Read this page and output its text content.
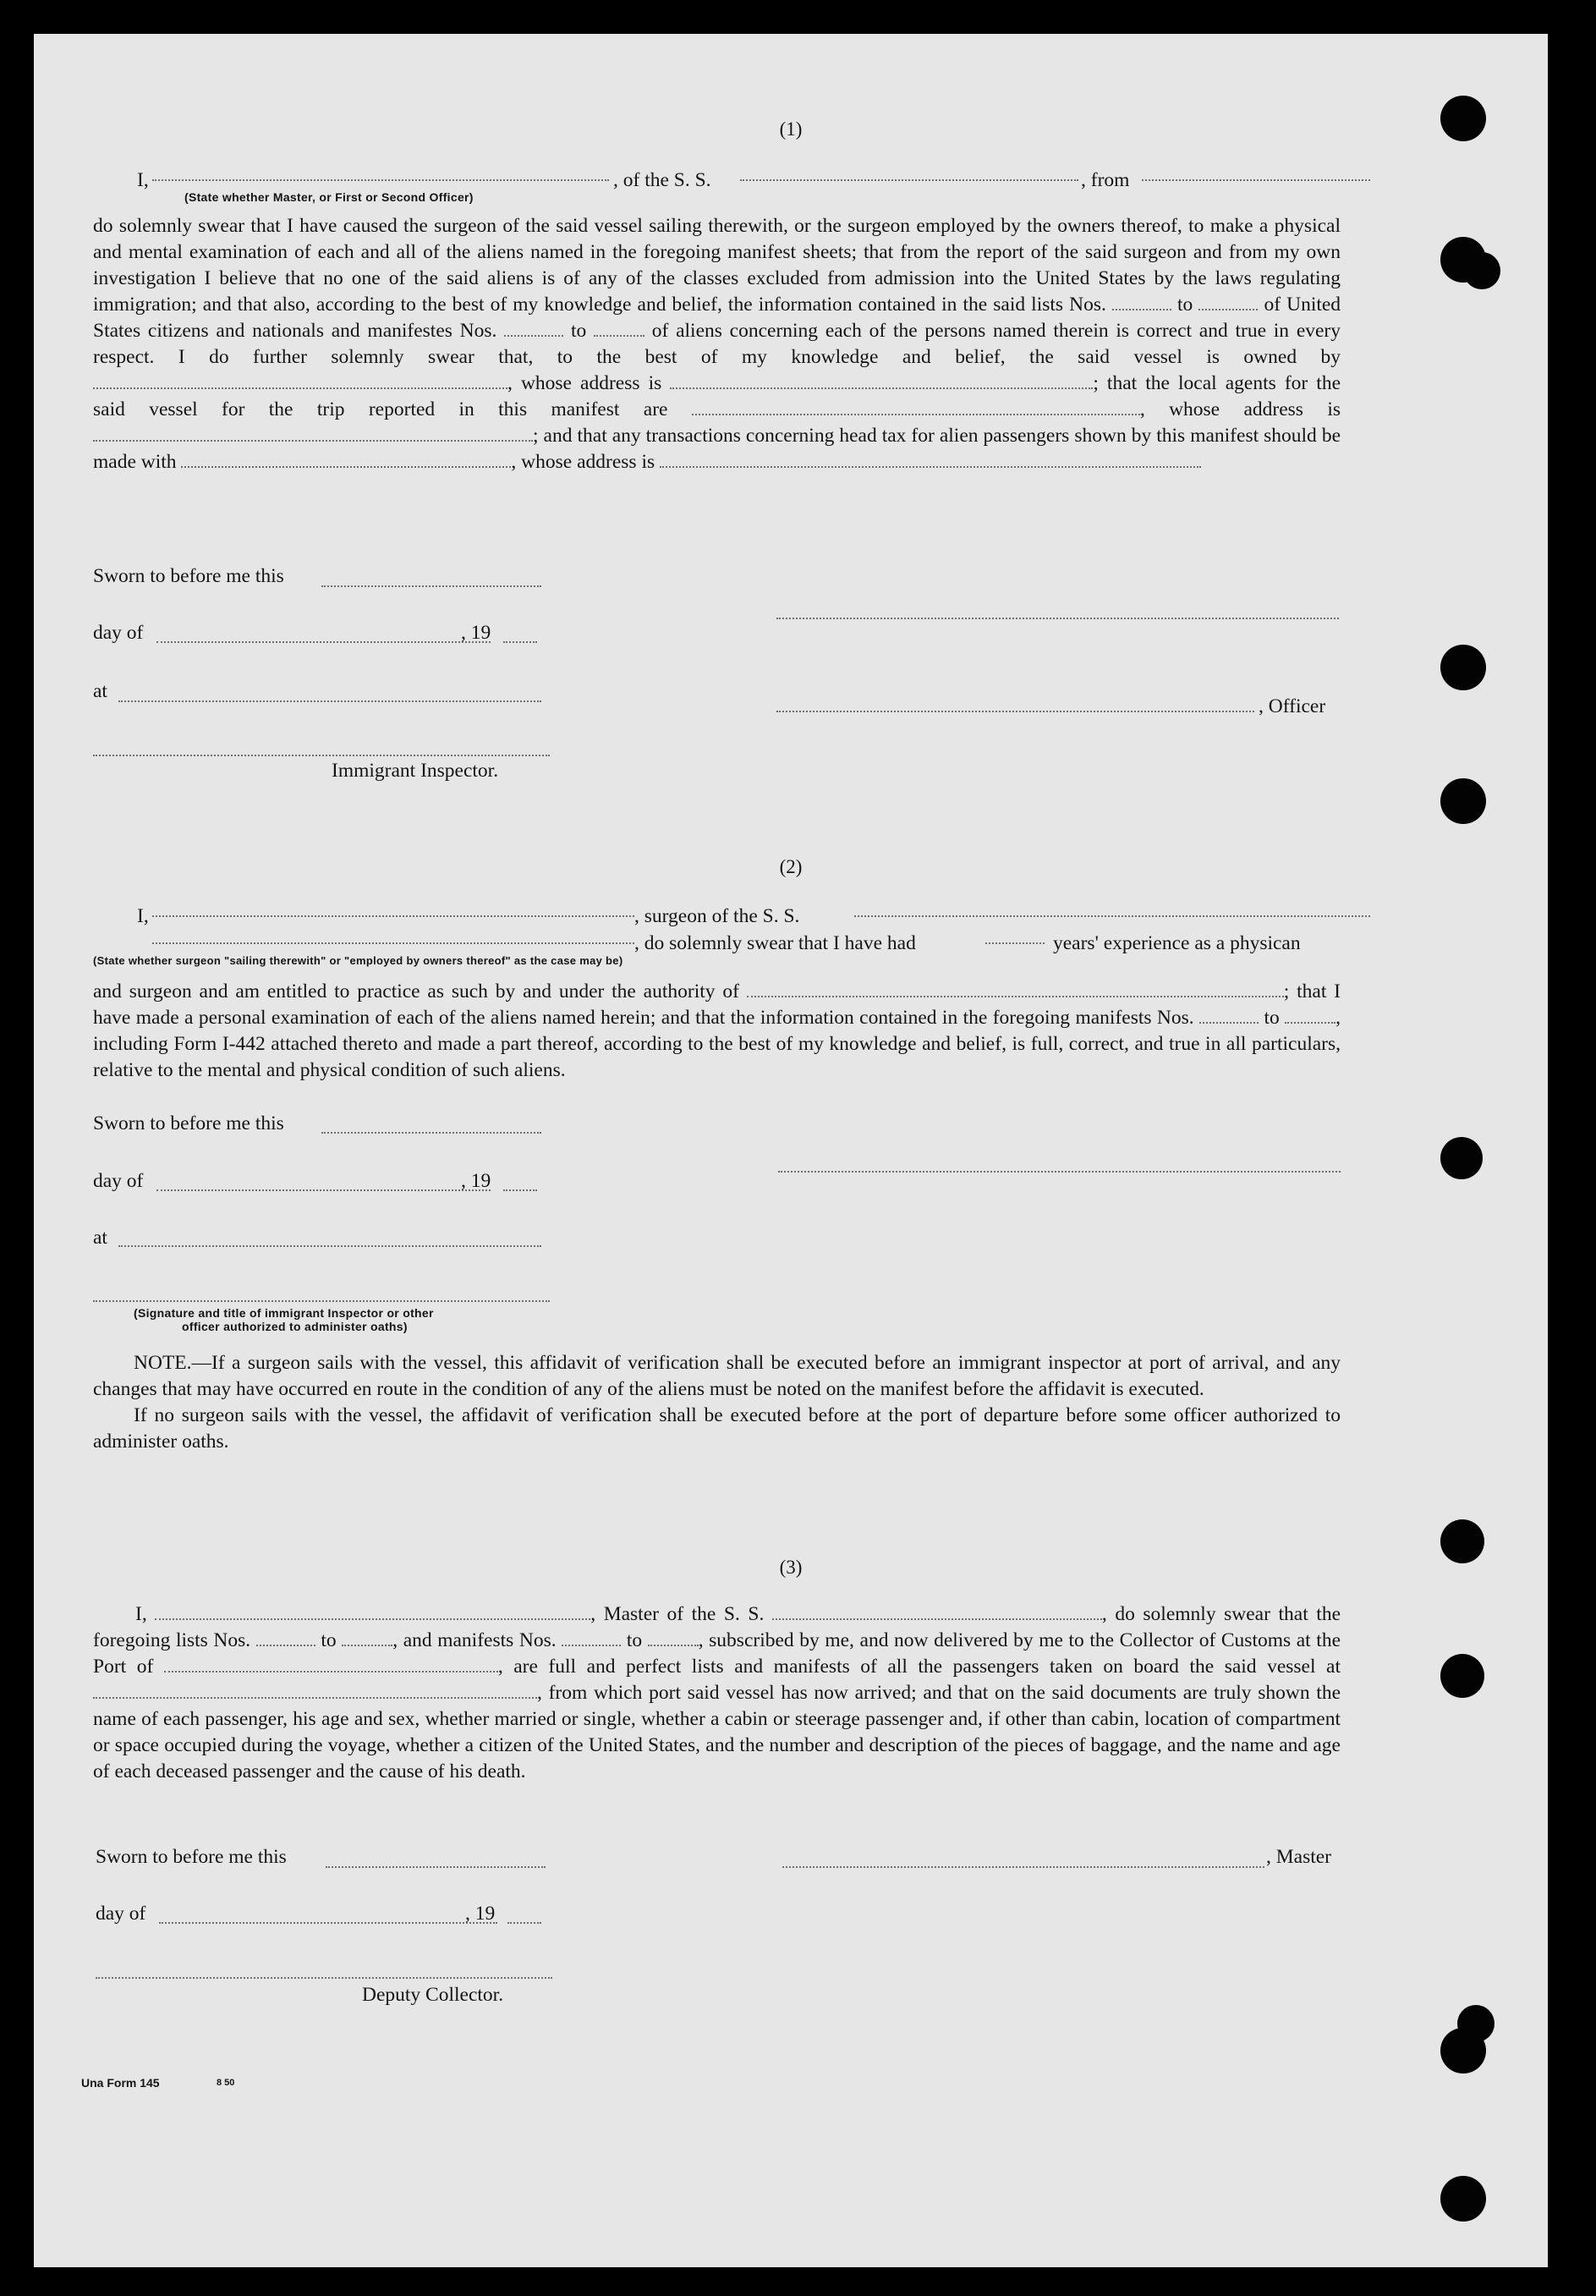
(1)
I,
(State whether Master, or First or Second Officer)
, of the S. S.	, from

do solemnly swear that I have caused the surgeon of the said vessel sailing therewith, or the surgeon employed by the owners thereof, to make a physical and mental examination of each and all of the aliens named in the foregoing manifest sheets; that from the report of the said surgeon and from my own investigation I believe that no one of the said aliens is of any of the classes excluded from admission into the United States by the laws regulating immigration; and that also, according to the best of my knowledge and belief, the information contained in the said lists Nos.	to	of United States citizens and nationals and manifestes Nos.	to	of aliens concerning each of the persons named therein is correct and true in every respect. I do further solemnly swear that, to the best of my knowledge and belief, the said vessel is owned by , whose address is	; that the local agents for the said vessel for the trip reported in this manifest are	, whose address is ; and that any transactions concerning head tax for alien passengers shown by this manifest should be made with	, whose address is

Sworn to before me this
day of	, 19
at
, Officer
Immigrant Inspector.
(2)
I,	, surgeon of the S. S.
, do solemnly swear that I have had	years' experience as a physican
(State whether surgeon "sailing therewith" or "employed by owners thereof" as the case may be)

and surgeon and am entitled to practice as such by and under the authority of	; that I have made a personal examination of each of the aliens named herein; and that the information contained in the foregoing manifests Nos.	to	, including Form I-442 attached thereto and made a part thereof, according to the best of my knowledge and belief, is full, correct, and true in all particulars, relative to the mental and physical condition of such aliens.

Sworn to before me this
day of	, 19
at
(Signature and title of immigrant Inspector or other
officer authorized to administer oaths)

NOTE.—If a surgeon sails with the vessel, this affidavit of verification shall be executed before an immigrant inspector at port of arrival, and any changes that may have occurred en route in the condition of any of the aliens must be noted on the manifest before the affidavit is executed.

If no surgeon sails with the vessel, the affidavit of verification shall be executed before at the port of departure before some officer authorized to administer oaths.

(3)

I,	, Master of the S. S.	, do solemnly swear that the foregoing lists Nos.	to	, and manifests Nos.	to	, subscribed by me, and now delivered by me to the Collector of Customs at the Port of	, are full and perfect lists and manifests of all the passengers taken on board the said vessel at , from which port said vessel has now arrived; and that on the said documents are truly shown the name of each passenger, his age and sex, whether married or single, whether a cabin or steerage passenger and, if other than cabin, location of compartment or space occupied during the voyage, whether a citizen of the United States, and the number and description of the pieces of baggage, and the name and age of each deceased passenger and the cause of his death.

Sworn to before me this	, Master
day of	, 19
Deputy Collector.
Una Form 145	8 50
